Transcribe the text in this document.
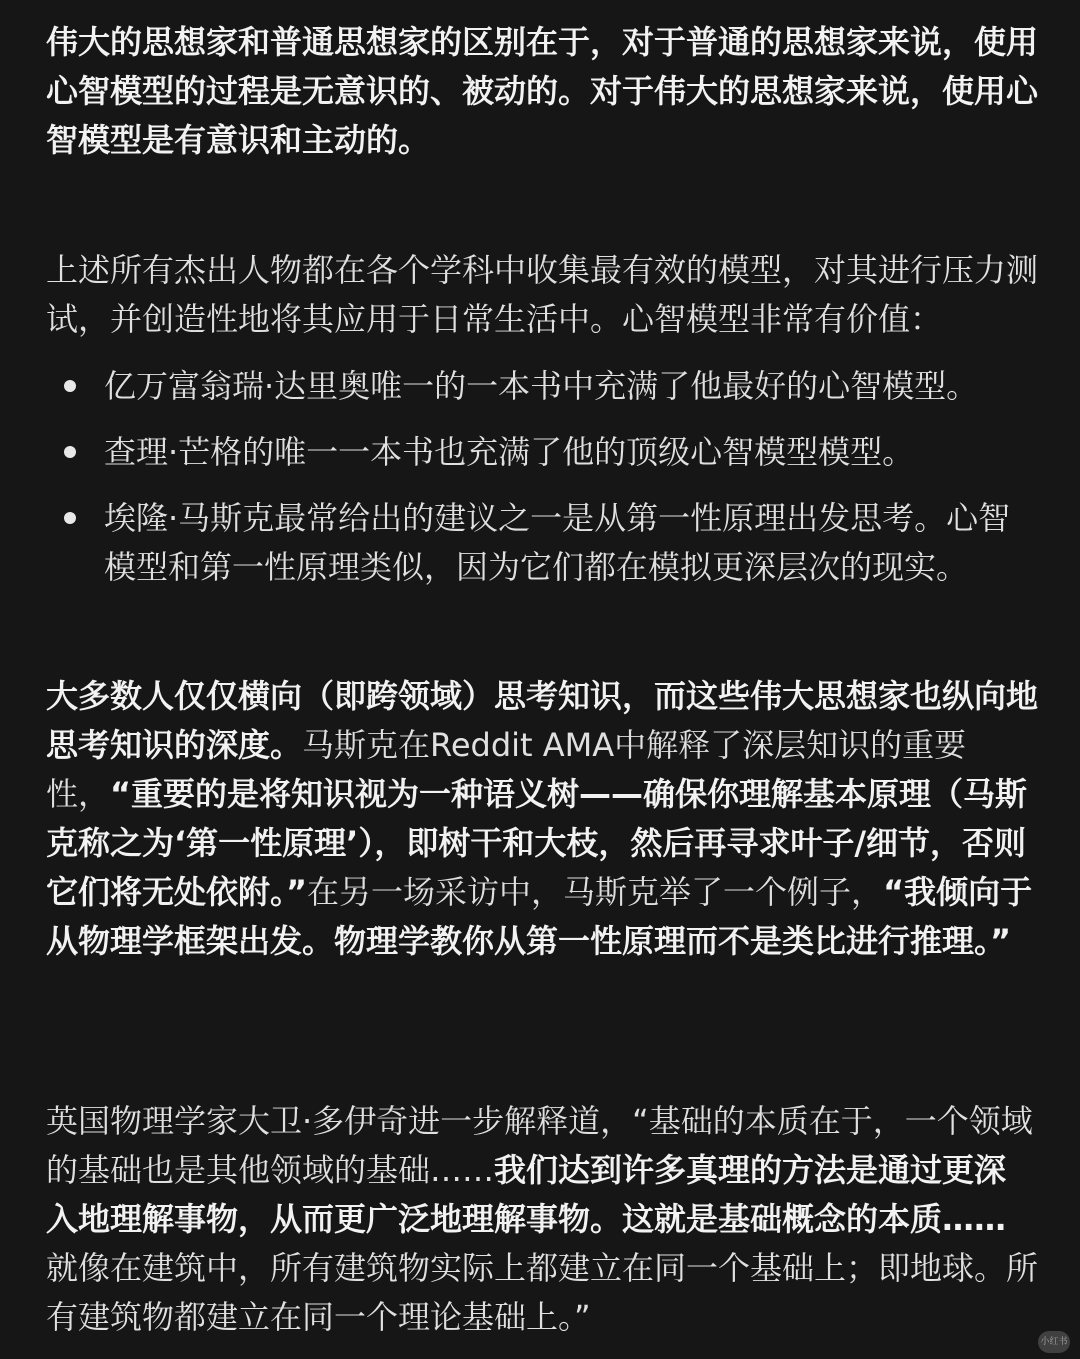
伟大的思想家和普通思想家的区别在于，对于普通的思想家来说，使用心智模型的过程是无意识的、被动的。对于伟大的思想家来说，使用心智模型是有意识和主动的。

上述所有杰出人物都在各个学科中收集最有效的模型，对其进行压力测试，并创造性地将其应用于日常生活中。心智模型非常有价值：

亿万富翁瑞·达里奥唯一的一本书中充满了他最好的心智模型。
查理·芒格的唯一一本书也充满了他的顶级心智模型模型。
埃隆·马斯克最常给出的建议之一是从第一性原理出发思考。心智模型和第一性原理类似，因为它们都在模拟更深层次的现实。

大多数人仅仅横向（即跨领域）思考知识，而这些伟大思想家也纵向地思考知识的深度。马斯克在Reddit AMA中解释了深层知识的重要性，“重要的是将知识视为一种语义树——确保你理解基本原理（马斯克称之为‘第一性原理’），即树干和大枝，然后再寻求叶子/细节，否则它们将无处依附。”在另一场采访中，马斯克举了一个例子，“我倾向于从物理学框架出发。物理学教你从第一性原理而不是类比进行推理。”

英国物理学家大卫·多伊奇进一步解释道，“基础的本质在于，一个领域的基础也是其他领域的基础……我们达到许多真理的方法是通过更深入地理解事物，从而更广泛地理解事物。这就是基础概念的本质……就像在建筑中，所有建筑物实际上都建立在同一个基础上；即地球。所有建筑物都建立在同一个理论基础上。”

小红书
